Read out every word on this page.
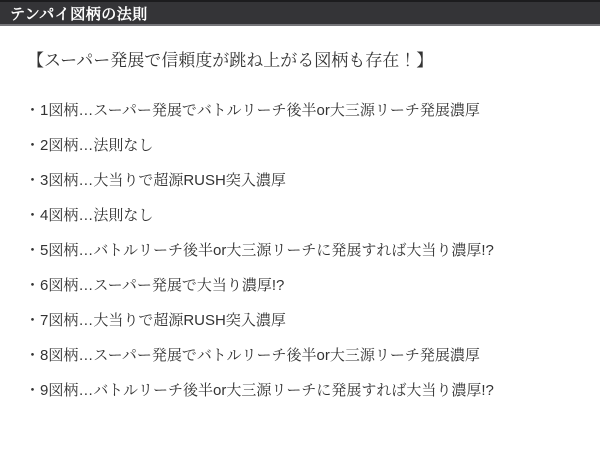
テンパイ図柄の法則
【スーパー発展で信頼度が跳ね上がる図柄も存在！】

・1図柄…スーパー発展でバトルリーチ後半or大三源リーチ発展濃厚

・2図柄…法則なし

・3図柄…大当りで超源RUSH突入濃厚

・4図柄…法則なし

・5図柄…バトルリーチ後半or大三源リーチに発展すれば大当り濃厚!?

・6図柄…スーパー発展で大当り濃厚!?

・7図柄…大当りで超源RUSH突入濃厚

・8図柄…スーパー発展でバトルリーチ後半or大三源リーチ発展濃厚

・9図柄…バトルリーチ後半or大三源リーチに発展すれば大当り濃厚!?
